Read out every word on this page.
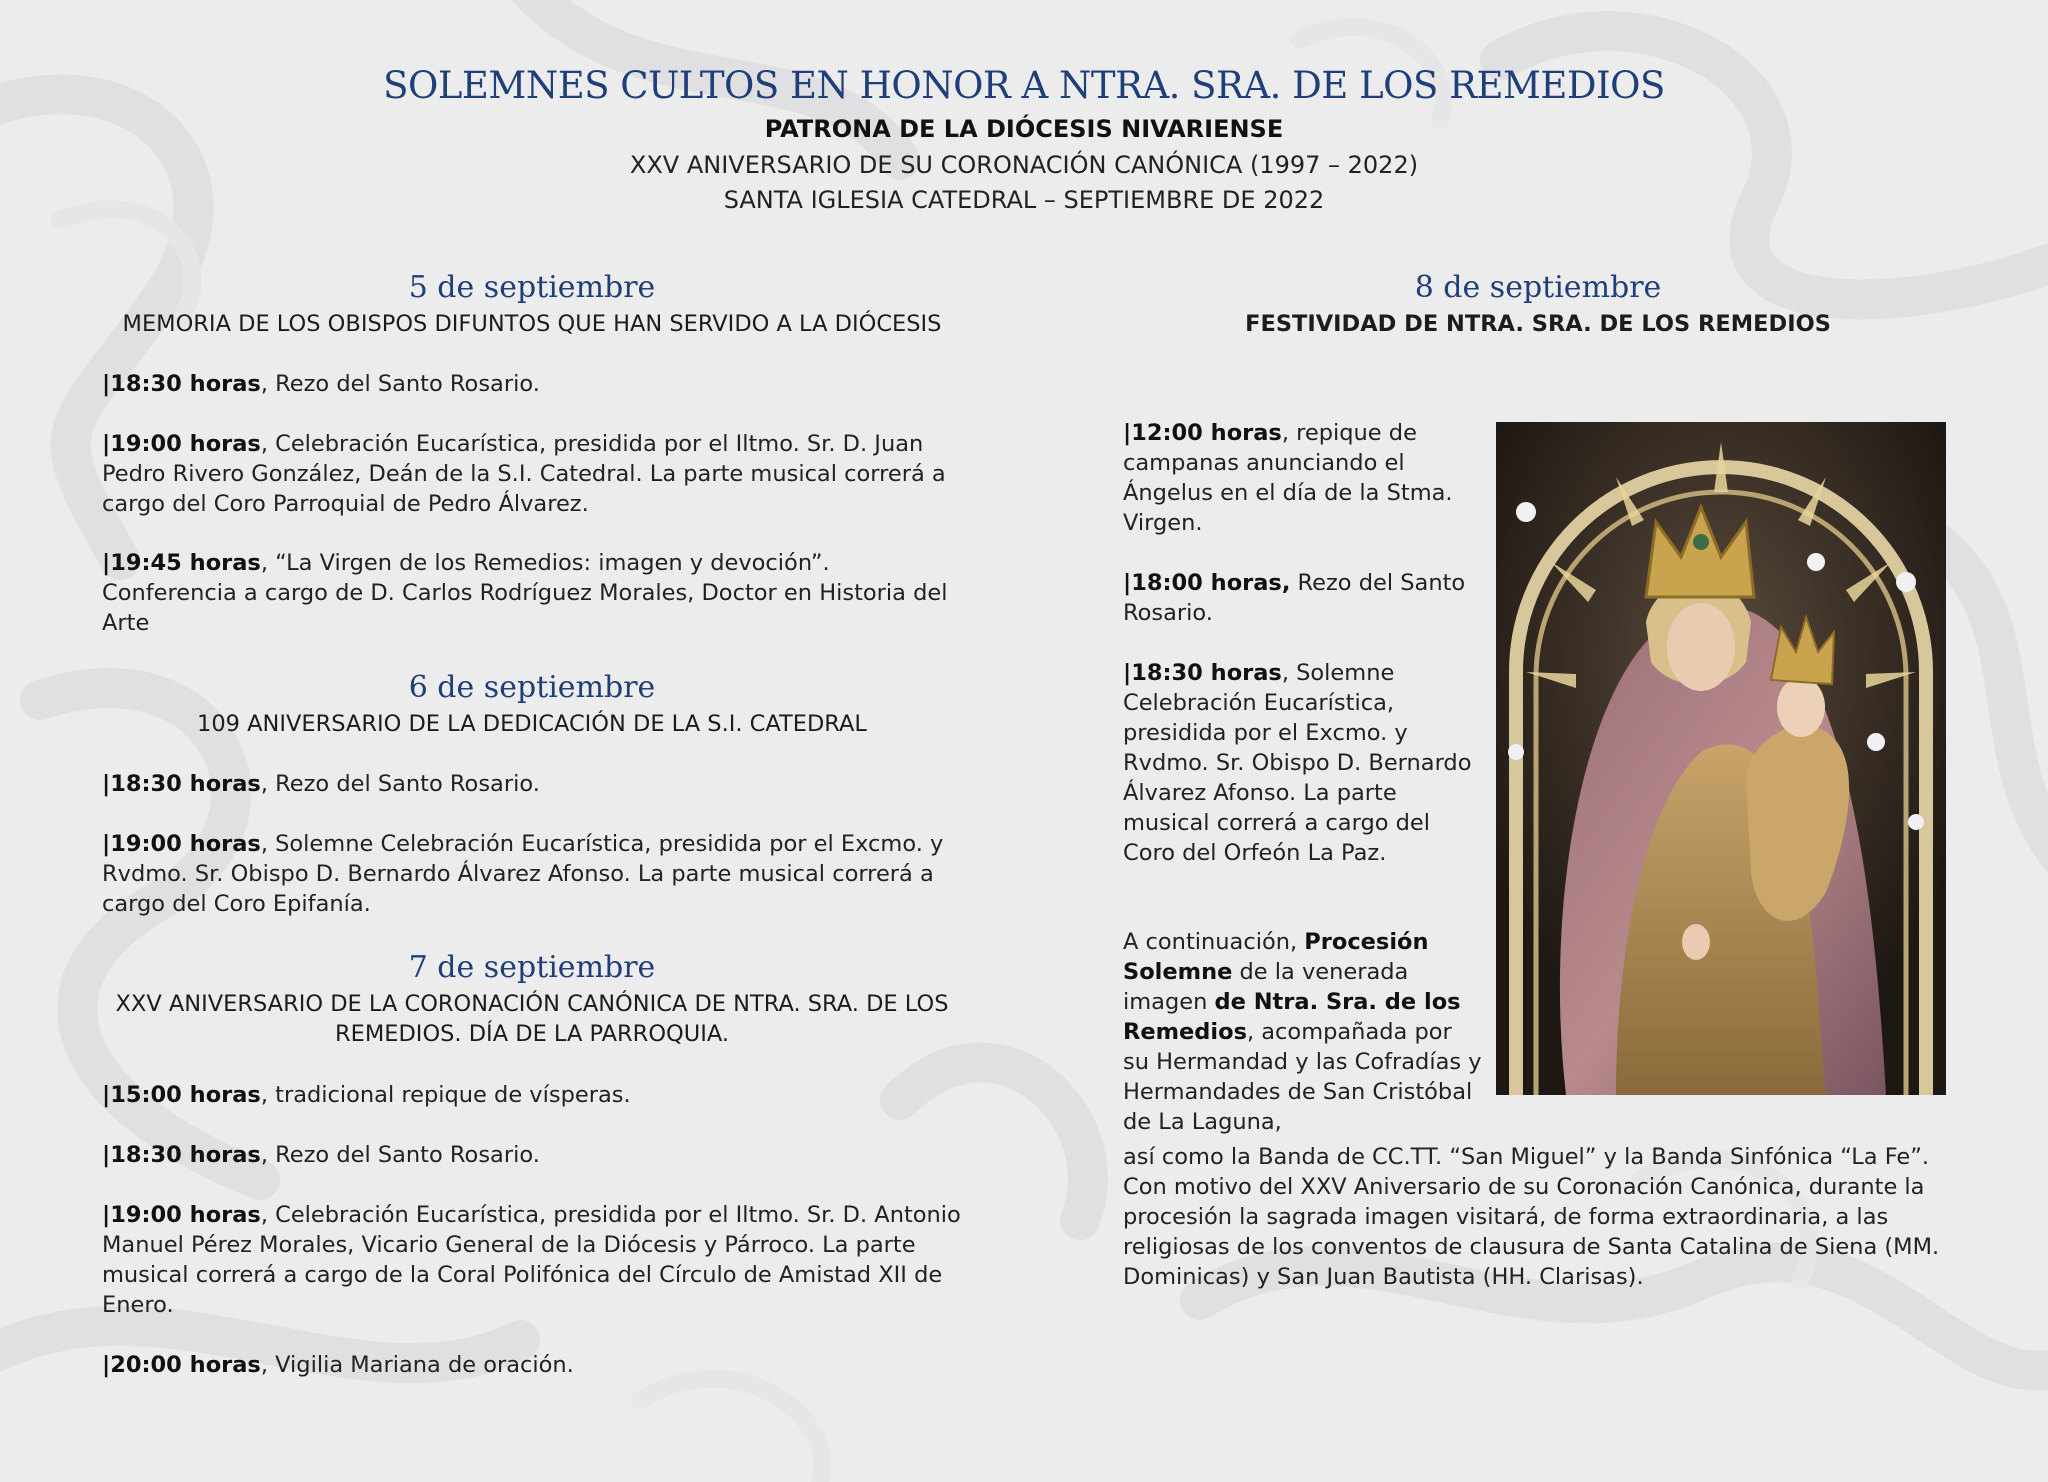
SOLEMNES CULTOS EN HONOR A NTRA. SRA. DE LOS REMEDIOS
PATRONA DE LA DIÓCESIS NIVARIENSE
XXV ANIVERSARIO DE SU CORONACIÓN CANÓNICA (1997 – 2022)
SANTA IGLESIA CATEDRAL – SEPTIEMBRE DE 2022
5 de septiembre
MEMORIA DE LOS OBISPOS DIFUNTOS QUE HAN SERVIDO A LA DIÓCESIS
|18:30 horas, Rezo del Santo Rosario.
|19:00 horas, Celebración Eucarística, presidida por el Iltmo. Sr. D. Juan Pedro Rivero González, Deán de la S.I. Catedral. La parte musical correrá a cargo del Coro Parroquial de Pedro Álvarez.
|19:45 horas, “La Virgen de los Remedios: imagen y devoción”. Conferencia a cargo de D. Carlos Rodríguez Morales, Doctor en Historia del Arte
6 de septiembre
109 ANIVERSARIO DE LA DEDICACIÓN DE LA S.I. CATEDRAL
|18:30 horas, Rezo del Santo Rosario.
|19:00 horas, Solemne Celebración Eucarística, presidida por el Excmo. y Rvdmo. Sr. Obispo D. Bernardo Álvarez Afonso. La parte musical correrá a cargo del Coro Epifanía.
7 de septiembre
XXV ANIVERSARIO DE LA CORONACIÓN CANÓNICA DE NTRA. SRA. DE LOS REMEDIOS. DÍA DE LA PARROQUIA.
|15:00 horas, tradicional repique de vísperas.
|18:30 horas, Rezo del Santo Rosario.
|19:00 horas, Celebración Eucarística, presidida por el Iltmo. Sr. D. Antonio Manuel Pérez Morales, Vicario General de la Diócesis y Párroco. La parte musical correrá a cargo de la Coral Polifónica del Círculo de Amistad XII de Enero.
|20:00 horas, Vigilia Mariana de oración.
8 de septiembre
FESTIVIDAD DE NTRA. SRA. DE LOS REMEDIOS
|12:00 horas, repique de campanas anunciando el Ángelus en el día de la Stma. Virgen.
|18:00 horas, Rezo del Santo Rosario.
|18:30 horas, Solemne Celebración Eucarística, presidida por el Excmo. y Rvdmo. Sr. Obispo D. Bernardo Álvarez Afonso. La parte musical correrá a cargo del Coro del Orfeón La Paz.
A continuación, Procesión Solemne de la venerada imagen de Ntra. Sra. de los Remedios, acompañada por su Hermandad y las Cofradías y Hermandades de San Cristóbal de La Laguna,
así como la Banda de CC.TT. “San Miguel” y la Banda Sinfónica “La Fe”. Con motivo del XXV Aniversario de su Coronación Canónica, durante la procesión la sagrada imagen visitará, de forma extraordinaria, a las religiosas de los conventos de clausura de Santa Catalina de Siena (MM. Dominicas) y San Juan Bautista (HH. Clarisas).
